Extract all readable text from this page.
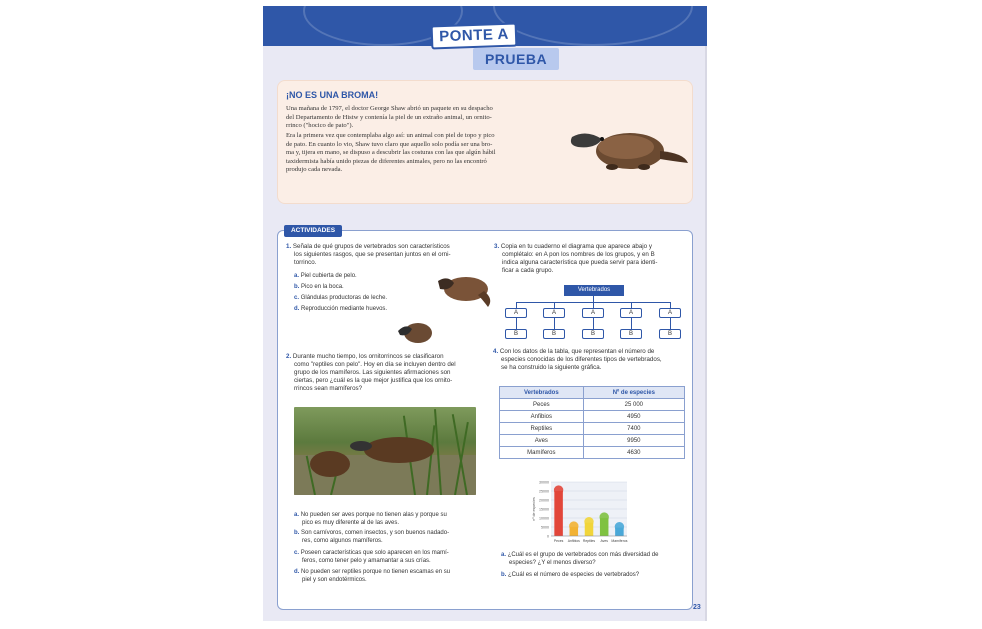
PONTE A
PRUEBA
¡NO ES UNA BROMA!
Una mañana de 1797, el doctor George Shaw abrió un paquete en su despacho
del Departamento de Histw y contenía la piel de un extraño animal, un ornito-
rrinco ("hocico de pato").
Era la primera vez que contemplaba algo así: un animal con piel de topo y pico
de pato. En cuanto lo vio, Shaw tuvo claro que aquello solo podía ser una bro-
ma y, tijera en mano, se dispuso a descubrir las costuras con las que algún hábil
taxidermista había unido piezas de diferentes animales, pero no las encontró
produjo cada nevada.
ACTIVIDADES
1. Señala de qué grupos de vertebrados son característicos
los siguientes rasgos, que se presentan juntos en el orni-
torrinco.
a. Piel cubierta de pelo.
b. Pico en la boca.
c. Glándulas productoras de leche.
d. Reproducción mediante huevos.
2. Durante mucho tiempo, los ornitorrincos se clasificaron
como "reptiles con pelo". Hoy en día se incluyen dentro del
grupo de los mamíferos. Las siguientes afirmaciones son
ciertas, pero ¿cuál es la que mejor justifica que los ornito-
rrincos sean mamíferos?
a. No pueden ser aves porque no tienen alas y porque su
pico es muy diferente al de las aves.
b. Son carnívoros, comen insectos, y son buenos nadado-
res, como algunos mamíferos.
c. Poseen características que solo aparecen en los mamí-
feros, como tener pelo y amamantar a sus crías.
d. No pueden ser reptiles porque no tienen escamas en su
piel y son endotérmicos.
3. Copia en tu cuaderno el diagrama que aparece abajo y
complétalo: en A pon los nombres de los grupos, y en B
indica alguna característica que pueda servir para identi-
ficar a cada grupo.
Vertebrados
A	A	A	A	A
B	B	B	B	B
4. Con los datos de la tabla, que representan el número de
especies conocidas de los diferentes tipos de vertebrados,
se ha construido la siguiente gráfica.
Vertebrados	Nº de especies
Peces	25 000
Anfibios	4950
Reptiles	7400
Aves	9950
Mamíferos	4630
0
5000
10000
15000
20000
25000
30000
nº de especies
Peces Anfibios Reptiles Aves Mamíferos
a. ¿Cuál es el grupo de vertebrados con más diversidad de
especies? ¿Y el menos diverso?
b. ¿Cuál es el número de especies de vertebrados?
23
